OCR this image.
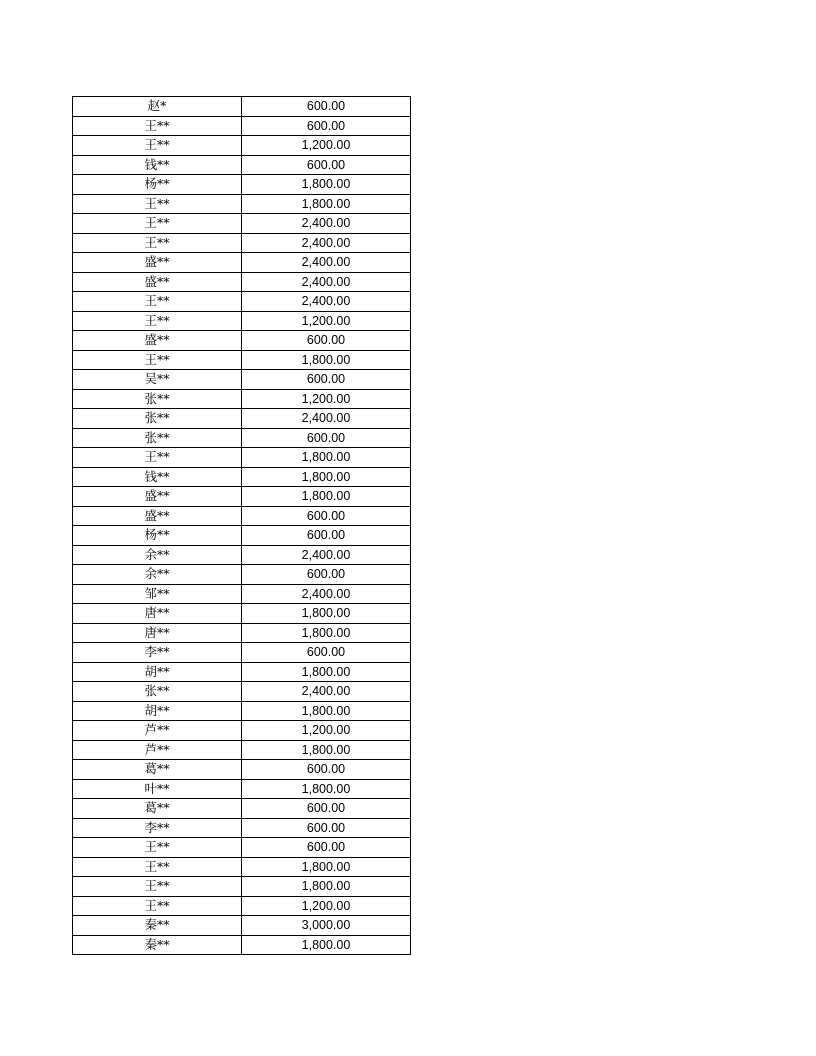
赵*	600.00
王**	600.00
王**	1,200.00
钱**	600.00
杨**	1,800.00
王**	1,800.00
王**	2,400.00
王**	2,400.00
盛**	2,400.00
盛**	2,400.00
王**	2,400.00
王**	1,200.00
盛**	600.00
王**	1,800.00
吴**	600.00
张**	1,200.00
张**	2,400.00
张**	600.00
王**	1,800.00
钱**	1,800.00
盛**	1,800.00
盛**	600.00
杨**	600.00
余**	2,400.00
余**	600.00
邹**	2,400.00
唐**	1,800.00
唐**	1,800.00
李**	600.00
胡**	1,800.00
张**	2,400.00
胡**	1,800.00
芦**	1,200.00
芦**	1,800.00
葛**	600.00
叶**	1,800.00
葛**	600.00
李**	600.00
王**	600.00
王**	1,800.00
王**	1,800.00
王**	1,200.00
秦**	3,000.00
秦**	1,800.00
